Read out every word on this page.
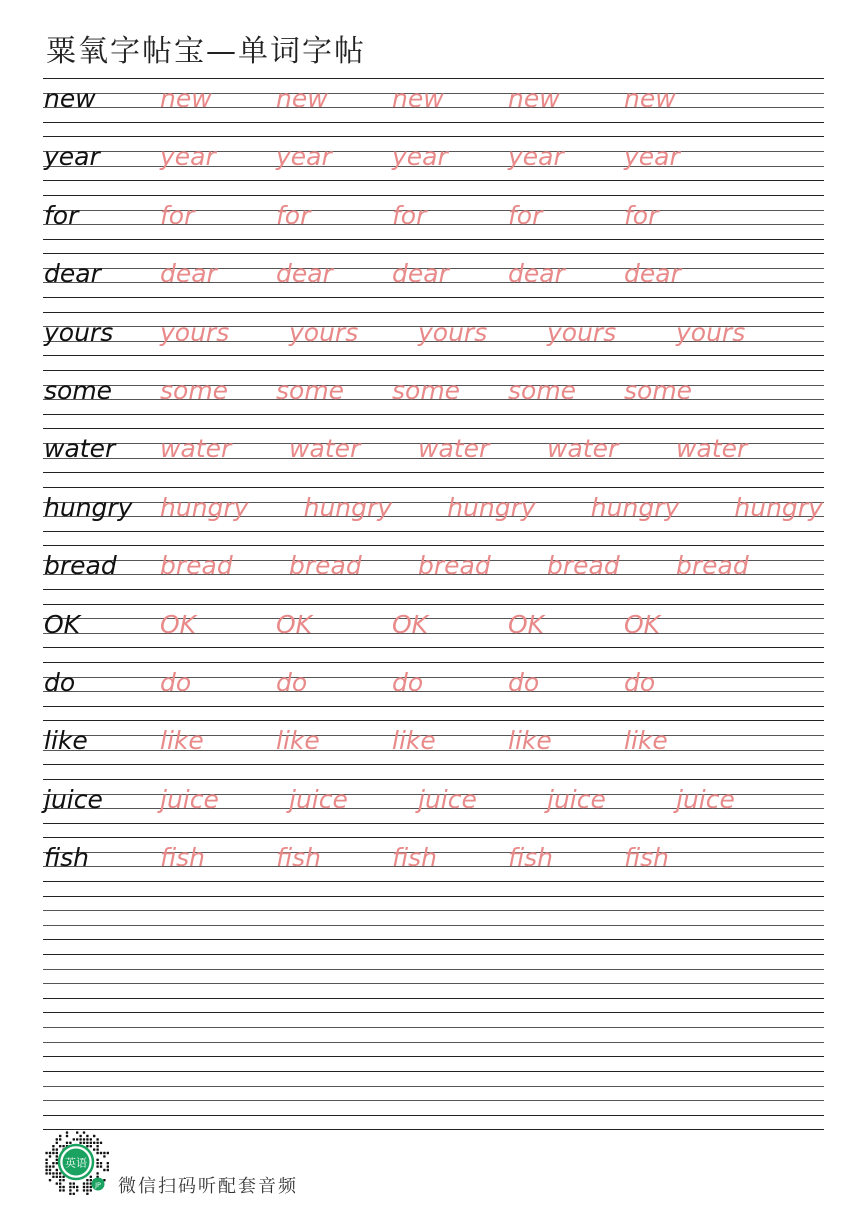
粟氧字帖宝—单词字帖
new	new	new	new	new	new
year year year year year year
for	for	for	for	for	for
dear dear dear dear dear dear
yours yours yours yours yours yours
some some some some some some
water water water water water water
hungry hungry hungry hungry hungry hungry
bread bread bread bread bread bread
OK	OK	OK	OK	OK	OK
do	do	do	do	do	do
like	like	like	like	like	like
juice juice	juice	juice	juice	juice
fish	fish	fish	fish	fish	fish
英语
JP 微信扫码听配套音频
